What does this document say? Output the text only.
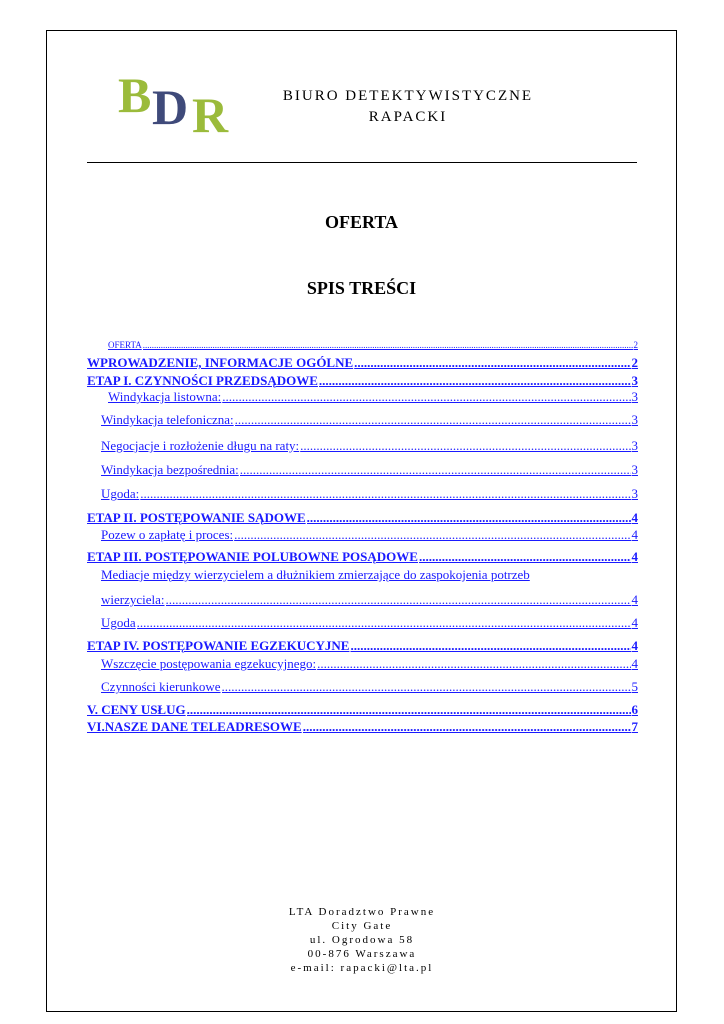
B D R	BIURO DETEKTYWISTYCZNE
RAPACKI
OFERTA
SPIS TREŚCI
OFERTA .....	2
WPROWADZENIE, INFORMACJE OGÓLNE .....	2
ETAP I. CZYNNOŚCI PRZEDSĄDOWE .....	3
Windykacja listowna: .....	3
Windykacja telefoniczna: .....	3
Negocjacje i rozłożenie długu na raty: .....	3
Windykacja bezpośrednia: .....	3
Ugoda: .....	3
ETAP II. POSTĘPOWANIE SĄDOWE .....	4
Pozew o zapłatę i proces: .....	4
ETAP III. POSTĘPOWANIE POLUBOWNE POSĄDOWE .....	4
Mediacje między wierzycielem a dłużnikiem zmierzające do zaspokojenia potrzeb
wierzyciela: .....	4
Ugoda .....	4
ETAP IV. POSTĘPOWANIE EGZEKUCYJNE .....	4
Wszczęcie postępowania egzekucyjnego: .....	4
Czynności kierunkowe .....	5
V. CENY USŁUG .....	6
VI.NASZE DANE TELEADRESOWE .....	7
LTA Doradztwo Prawne
City Gate
ul. Ogrodowa 58
00-876 Warszawa
e-mail: rapacki@lta.pl
